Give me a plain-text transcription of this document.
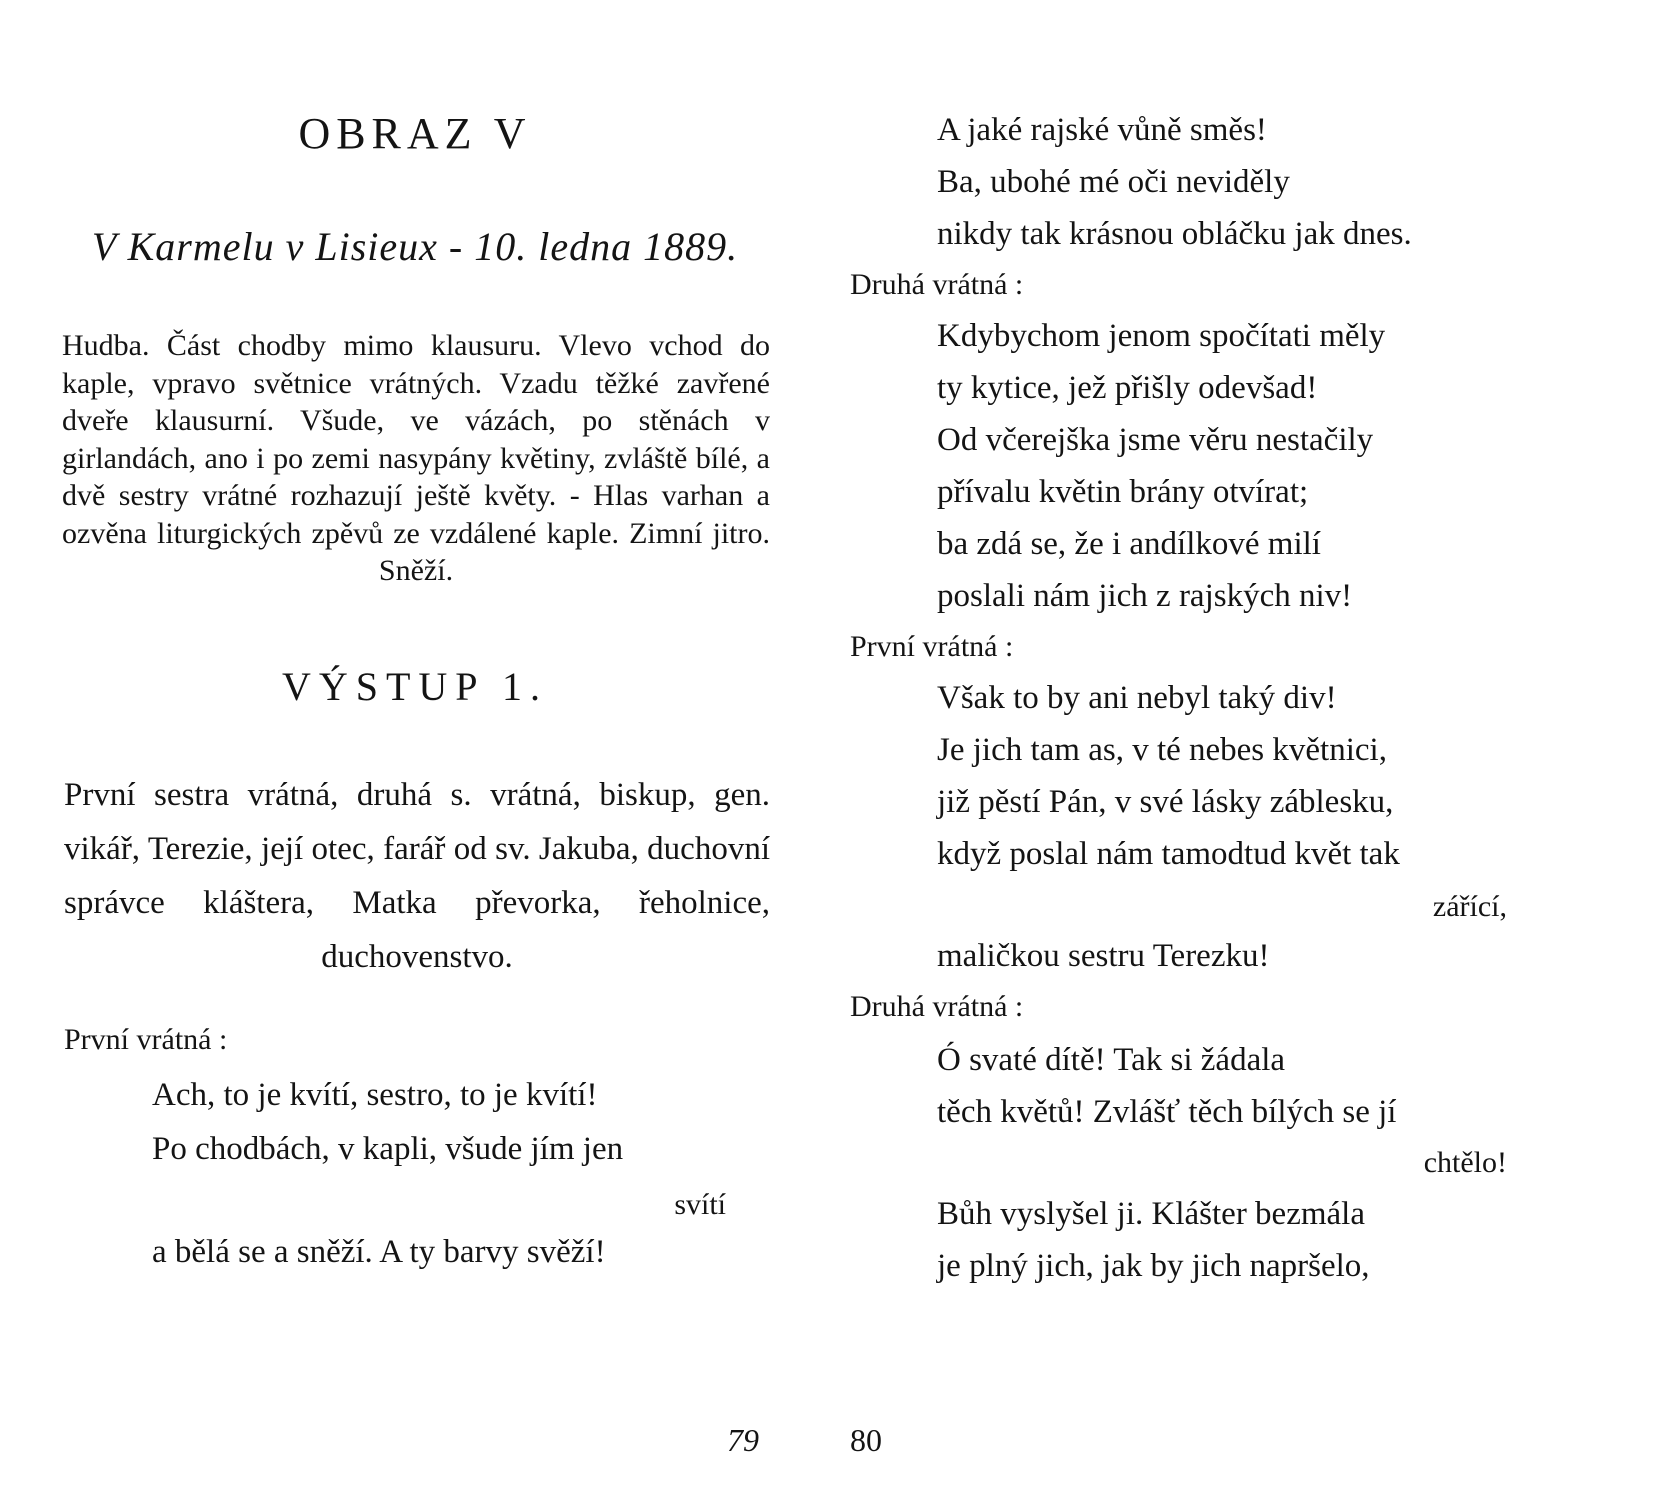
OBRAZ V
V Karmelu v Lisieux - 10. ledna 1889.
Hudba. Část chodby mimo klausuru. Vlevo vchod do kaple, vpravo světnice vrátných. Vzadu těžké zavřené dveře klausurní. Všude, ve vázách, po stěnách v girlandách, ano i po zemi nasypány květiny, zvláště bílé, a dvě sestry vrátné rozhazují ještě květy. - Hlas varhan a ozvěna liturgických zpěvů ze vzdálené kaple. Zimní jitro. Sněží.
VÝSTUP 1.
První sestra vrátná, druhá s. vrátná, biskup, gen. vikář, Terezie, její otec, farář od sv. Jakuba, duchovní správce kláštera, Matka převorka, řeholnice, duchovenstvo.
První vrátná :
Ach, to je kvítí, sestro, to je kvítí!
Po chodbách, v kapli, všude jím jen
svítí
a bělá se a sněží. A ty barvy svěží!
79
A jaké rajské vůně směs!
Ba, ubohé mé oči neviděly
nikdy tak krásnou obláčku jak dnes.
Druhá vrátná :
Kdybychom jenom spočítati měly
ty kytice, jež přišly odevšad!
Od včerejška jsme věru nestačily
přívalu květin brány otvírat;
ba zdá se, že i andílkové milí
poslali nám jich z rajských niv!
První vrátná :
Však to by ani nebyl taký div!
Je jich tam as, v té nebes květnici,
již pěstí Pán, v své lásky záblesku,
když poslal nám tamodtud květ tak
zářící,
maličkou sestru Terezku!
Druhá vrátná :
Ó svaté dítě! Tak si žádala
těch květů! Zvlášť těch bílých se jí
chtělo!
Bůh vyslyšel ji. Klášter bezmála
je plný jich, jak by jich napršelo,
80
